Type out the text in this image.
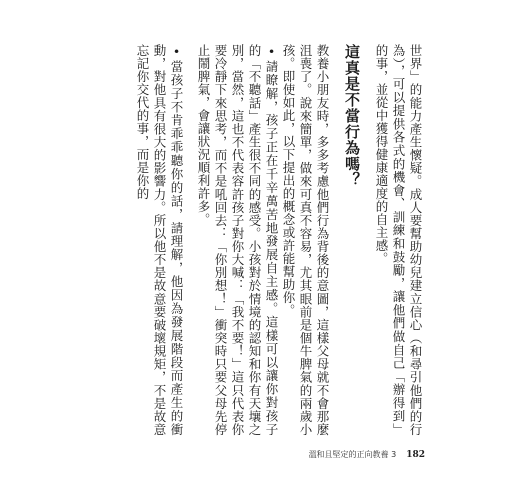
世界」的能力產生懷疑。成人要幫助幼兒建立信心（和尋引他們的行為），可以提供各式的機會、訓練和鼓勵，讓他們做自己「辦得到」的事，並從中獲得健康適度的自主感。

這真是不當行為嗎？

教養小朋友時，多多考慮他們行為背後的意圖，這樣父母就不會那麼沮喪了。說來簡單，做來可真不容易，尤其眼前是個牛脾氣的兩歲小孩。即使如此，以下提出的概念或許能幫助你。

•請瞭解，孩子正在千辛萬苦地發展自主感。這樣可以讓你對孩子的「不聽話」產生很不同的感受。小孩對於情境的認知和你有天壤之別，當然，這也不代表容許孩子對你大喊：「我不要！」這只代表你要冷靜下來思考，而不是吼回去：「你別想！」衝突時只要父母先停止鬧脾氣，會讓狀況順利許多。

•當孩子不肯乖乖聽你的話，請理解，他因為發展階段而產生的衝動，對他具有很大的影響力。所以他不是故意要破壞規矩，不是故意忘記你交代的事，而是你的

溫和且堅定的正向教養 3 182
